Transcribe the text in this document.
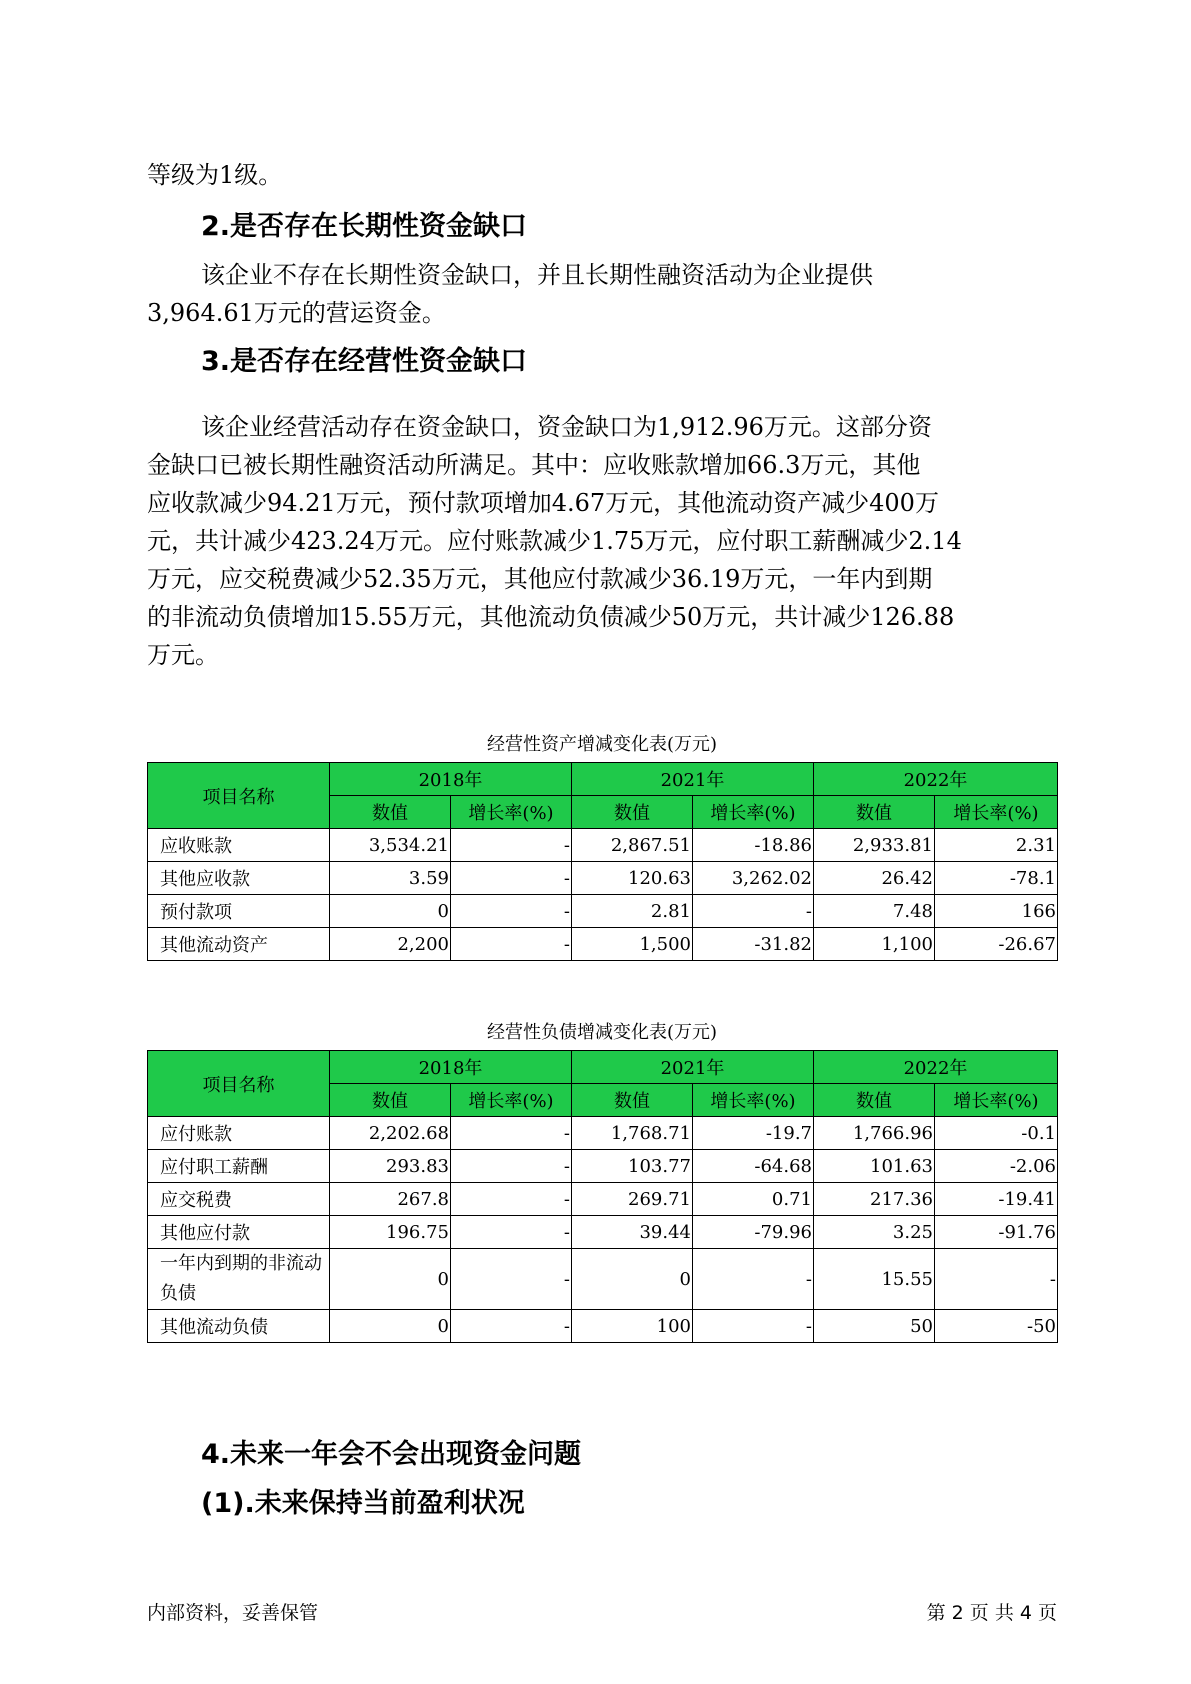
等级为1级。
2.是否存在长期性资金缺口
该企业不存在长期性资金缺口，并且长期性融资活动为企业提供
3,964.61万元的营运资金。
3.是否存在经营性资金缺口
该企业经营活动存在资金缺口，资金缺口为1,912.96万元。这部分资
金缺口已被长期性融资活动所满足。其中：应收账款增加66.3万元，其他
应收款减少94.21万元，预付款项增加4.67万元，其他流动资产减少400万
元，共计减少423.24万元。应付账款减少1.75万元，应付职工薪酬减少2.14
万元，应交税费减少52.35万元，其他应付款减少36.19万元，一年内到期
的非流动负债增加15.55万元，其他流动负债减少50万元，共计减少126.88
万元。
经营性资产增减变化表(万元)
项目名称	2018年		2021年		2022年	
	数值	增长率(%)	数值	增长率(%)	数值	增长率(%)
应收账款	3,534.21	-	2,867.51	-18.86	2,933.81	2.31
其他应收款	3.59	-	120.63	3,262.02	26.42	-78.1
预付款项	0	-	2.81	-	7.48	166
其他流动资产	2,200	-	1,500	-31.82	1,100	-26.67
经营性负债增减变化表(万元)
项目名称	2018年		2021年		2022年	
	数值	增长率(%)	数值	增长率(%)	数值	增长率(%)
应付账款	2,202.68	-	1,768.71	-19.7	1,766.96	-0.1
应付职工薪酬	293.83	-	103.77	-64.68	101.63	-2.06
应交税费	267.8	-	269.71	0.71	217.36	-19.41
其他应付款	196.75	-	39.44	-79.96	3.25	-91.76
一年内到期的非流动负债	0	-	0	-	15.55	-
其他流动负债	0	-	100	-	50	-50
4.未来一年会不会出现资金问题
(1).未来保持当前盈利状况
内部资料，妥善保管	第 2 页 共 4 页
